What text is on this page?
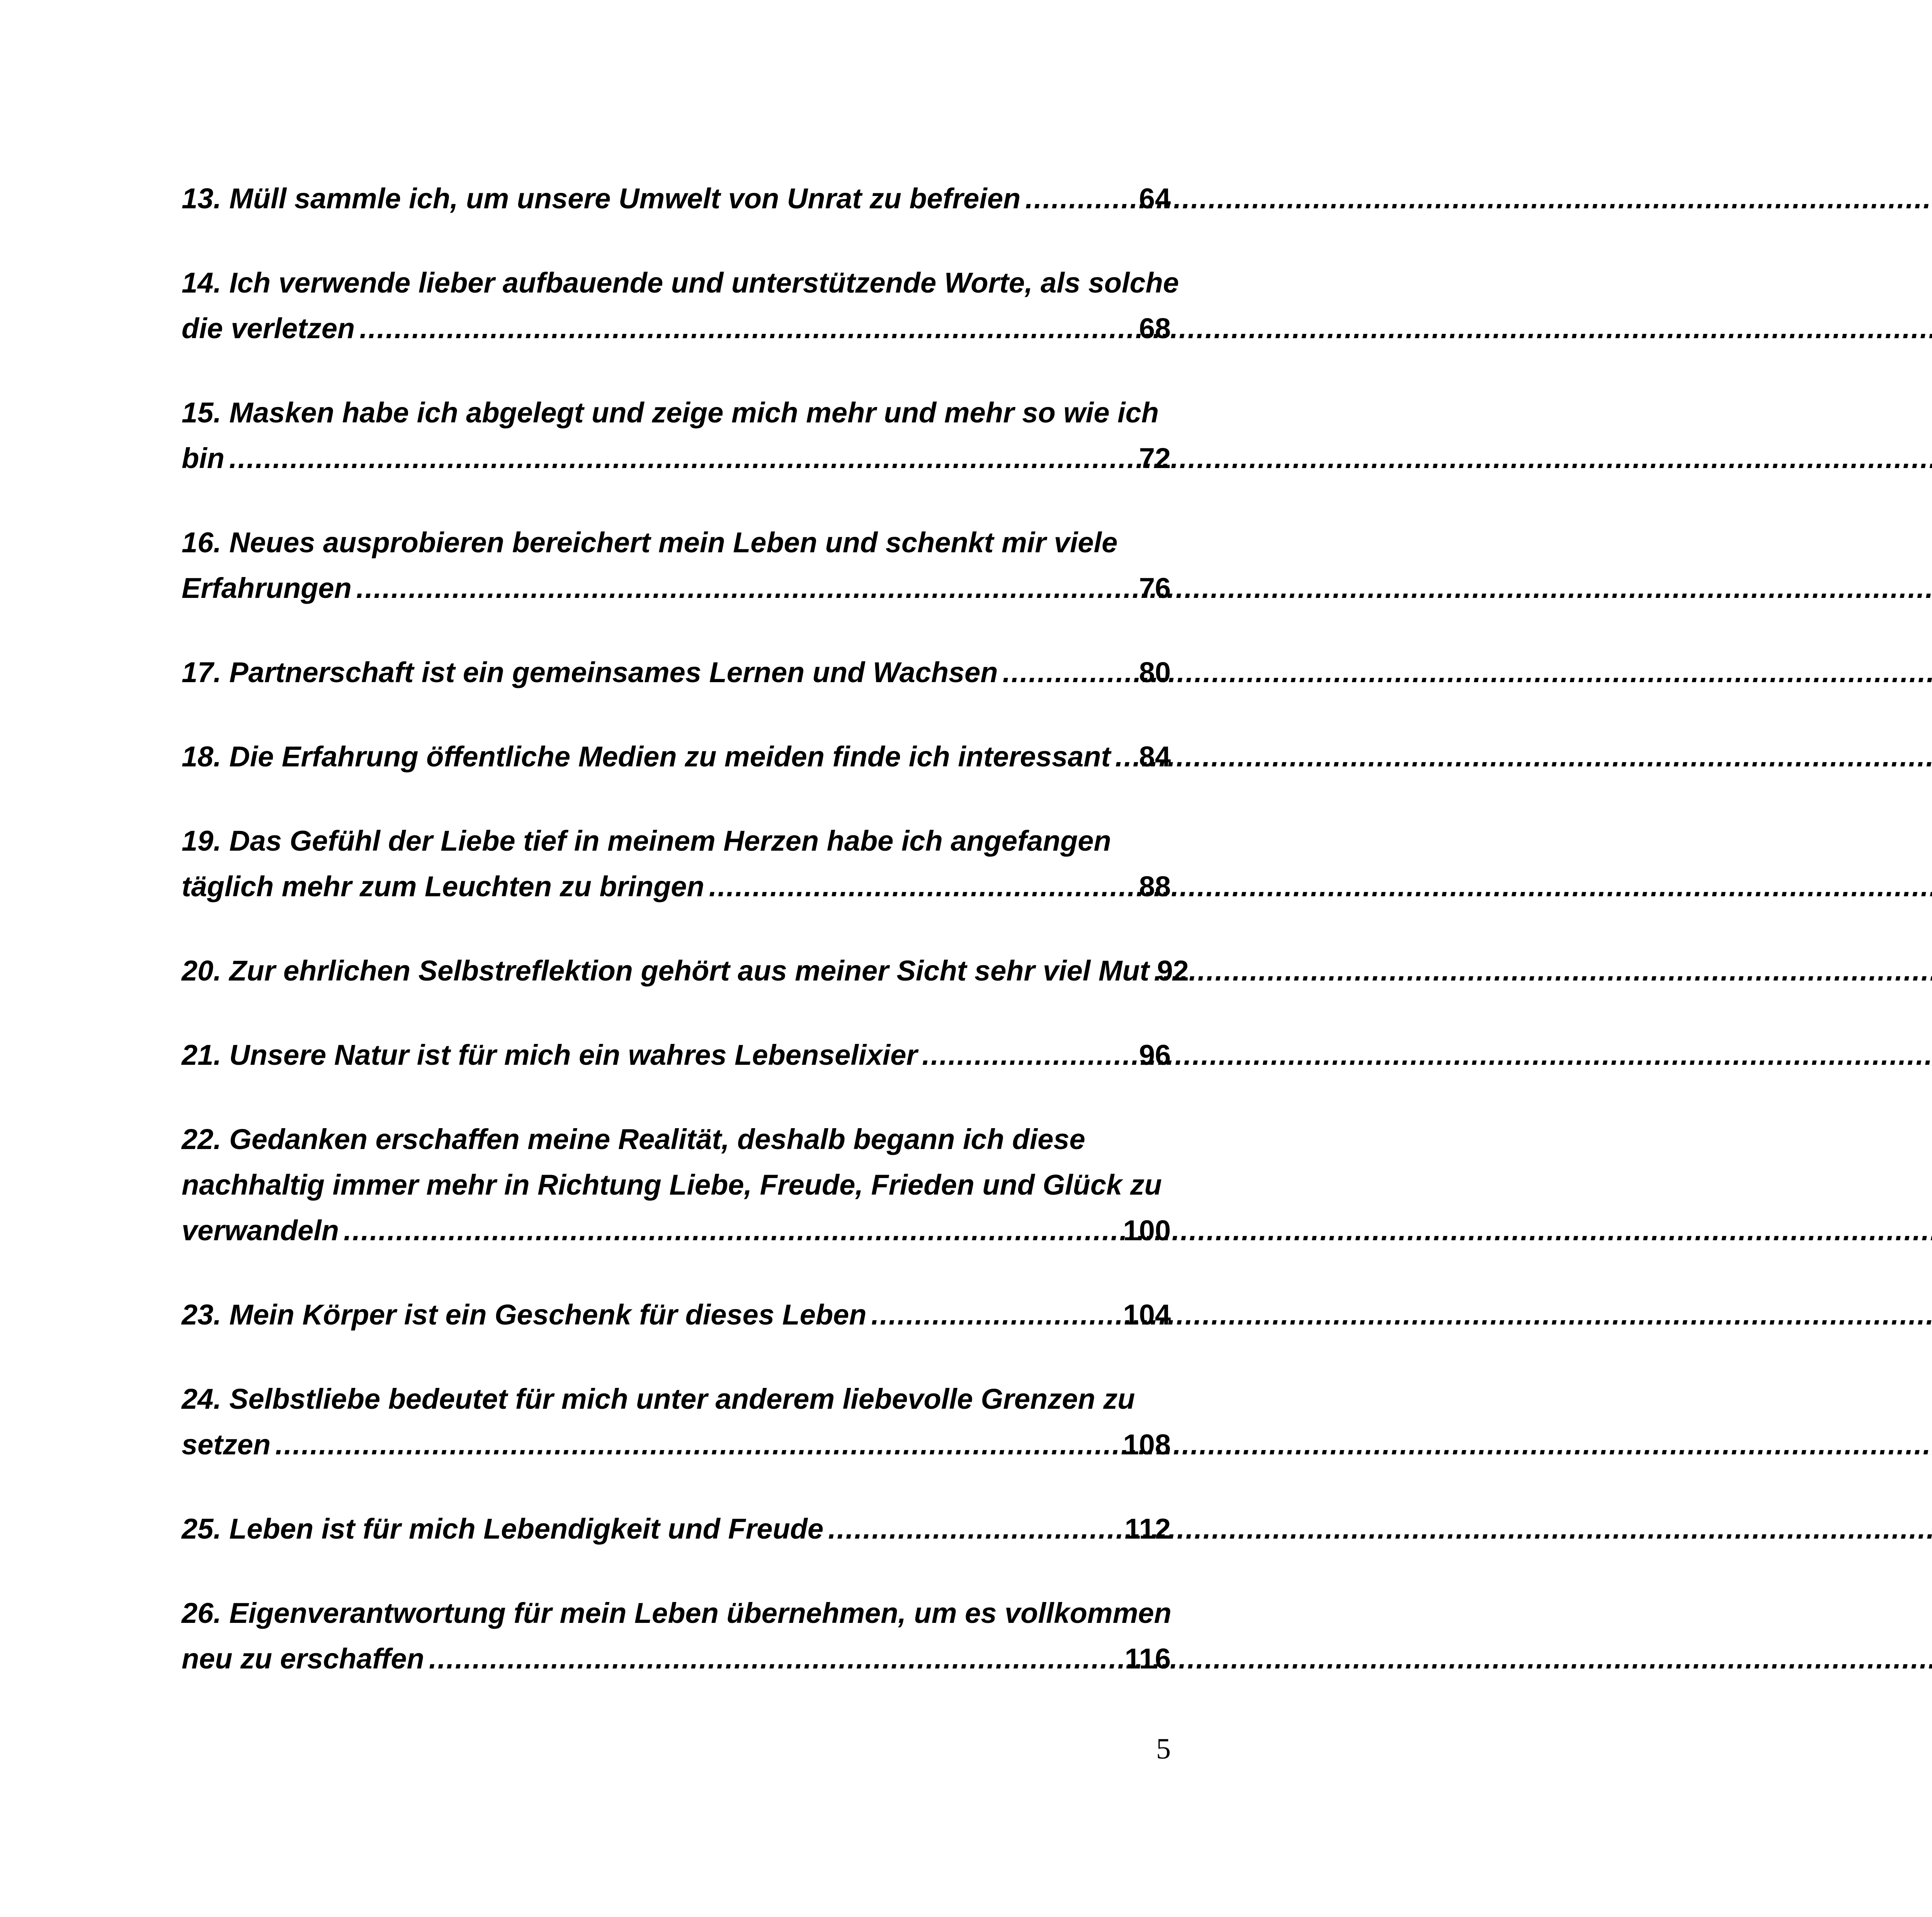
13. Müll sammle ich, um unsere Umwelt von Unrat zu befreien .....	64
14. Ich verwende lieber aufbauende und unterstützende Worte, als solche
die verletzen .....	68
15. Masken habe ich abgelegt und zeige mich mehr und mehr so wie ich
bin .....	72
16. Neues ausprobieren bereichert mein Leben und schenkt mir viele
Erfahrungen .....	76
17. Partnerschaft ist ein gemeinsames Lernen und Wachsen .....	80
18. Die Erfahrung öffentliche Medien zu meiden finde ich interessant ..... 84
19. Das Gefühl der Liebe tief in meinem Herzen habe ich angefangen
täglich mehr zum Leuchten zu bringen .....	88
20. Zur ehrlichen Selbstreflektion gehört aus meiner Sicht sehr viel Mut 92
21. Unsere Natur ist für mich ein wahres Lebenselixier .....	96
22. Gedanken erschaffen meine Realität, deshalb begann ich diese
nachhaltig immer mehr in Richtung Liebe, Freude, Frieden und Glück zu
verwandeln .....	100
23. Mein Körper ist ein Geschenk für dieses Leben .....	104
24. Selbstliebe bedeutet für mich unter anderem liebevolle Grenzen zu
setzen .....	108
25. Leben ist für mich Lebendigkeit und Freude .....	112
26. Eigenverantwortung für mein Leben übernehmen, um es vollkommen
neu zu erschaffen .....	116
5
